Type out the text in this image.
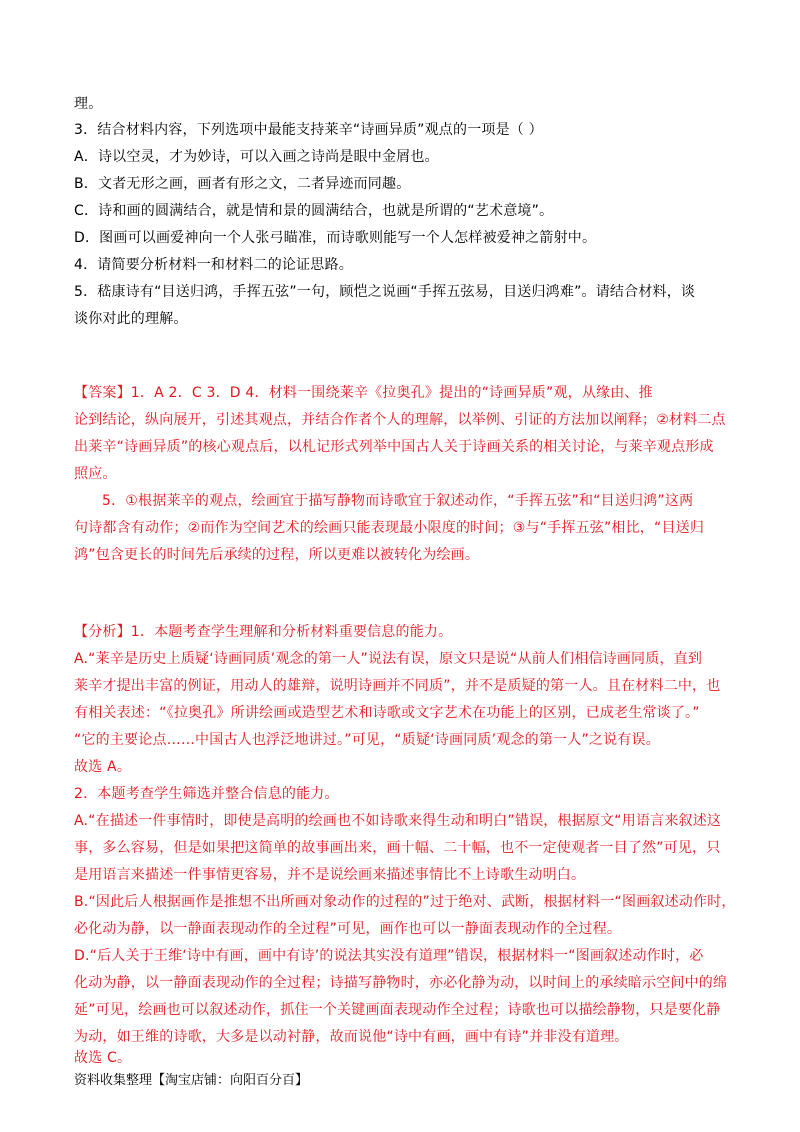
理。
3．结合材料内容，下列选项中最能支持莱辛“诗画异质”观点的一项是（ ）
A．诗以空灵，才为妙诗，可以入画之诗尚是眼中金屑也。
B．文者无形之画，画者有形之文，二者异迹而同趣。
C．诗和画的圆满结合，就是情和景的圆满结合，也就是所谓的“艺术意境”。
D．图画可以画爱神向一个人张弓瞄准，而诗歌则能写一个人怎样被爱神之箭射中。
4．请简要分析材料一和材料二的论证思路。
5．嵇康诗有“目送归鸿，手挥五弦”一句，顾恺之说画“手挥五弦易，目送归鸿难”。请结合材料，谈
谈你对此的理解。
【答案】1．A 2．C 3．D 4．材料一围绕莱辛《拉奥孔》提出的“诗画异质”观，从缘由、推
论到结论，纵向展开，引述其观点，并结合作者个人的理解，以举例、引证的方法加以阐释；②材料二点
出莱辛“诗画异质”的核心观点后，以札记形式列举中国古人关于诗画关系的相关讨论，与莱辛观点形成
照应。
5．①根据莱辛的观点，绘画宜于描写静物而诗歌宜于叙述动作，“手挥五弦”和“目送归鸿”这两
句诗都含有动作；②而作为空间艺术的绘画只能表现最小限度的时间；③与“手挥五弦”相比，“目送归
鸿”包含更长的时间先后承续的过程，所以更难以被转化为绘画。
【分析】1．本题考查学生理解和分析材料重要信息的能力。
A.“莱辛是历史上质疑‘诗画同质’观念的第一人”说法有误，原文只是说“从前人们相信诗画同质，直到
莱辛才提出丰富的例证，用动人的雄辩，说明诗画并不同质”，并不是质疑的第一人。且在材料二中，也
有相关表述：“《拉奥孔》所讲绘画或造型艺术和诗歌或文字艺术在功能上的区别，已成老生常谈了。”
“它的主要论点……中国古人也浮泛地讲过。”可见，“质疑‘诗画同质’观念的第一人”之说有误。
故选 A。
2．本题考查学生筛选并整合信息的能力。
A.“在描述一件事情时，即使是高明的绘画也不如诗歌来得生动和明白”错误，根据原文“用语言来叙述这
事，多么容易，但是如果把这简单的故事画出来，画十幅、二十幅，也不一定使观者一目了然”可见，只
是用语言来描述一件事情更容易，并不是说绘画来描述事情比不上诗歌生动明白。
B.“因此后人根据画作是推想不出所画对象动作的过程的”过于绝对、武断，根据材料一“图画叙述动作时，
必化动为静，以一静面表现动作的全过程”可见，画作也可以一静面表现动作的全过程。
D.“后人关于王维‘诗中有画，画中有诗’的说法其实没有道理”错误，根据材料一“图画叙述动作时，必
化动为静，以一静面表现动作的全过程；诗描写静物时，亦必化静为动，以时间上的承续暗示空间中的绵
延”可见，绘画也可以叙述动作，抓住一个关键画面表现动作全过程；诗歌也可以描绘静物，只是要化静
为动，如王维的诗歌，大多是以动衬静，故而说他“诗中有画，画中有诗”并非没有道理。
故选 C。
资料收集整理【淘宝店铺：向阳百分百】
